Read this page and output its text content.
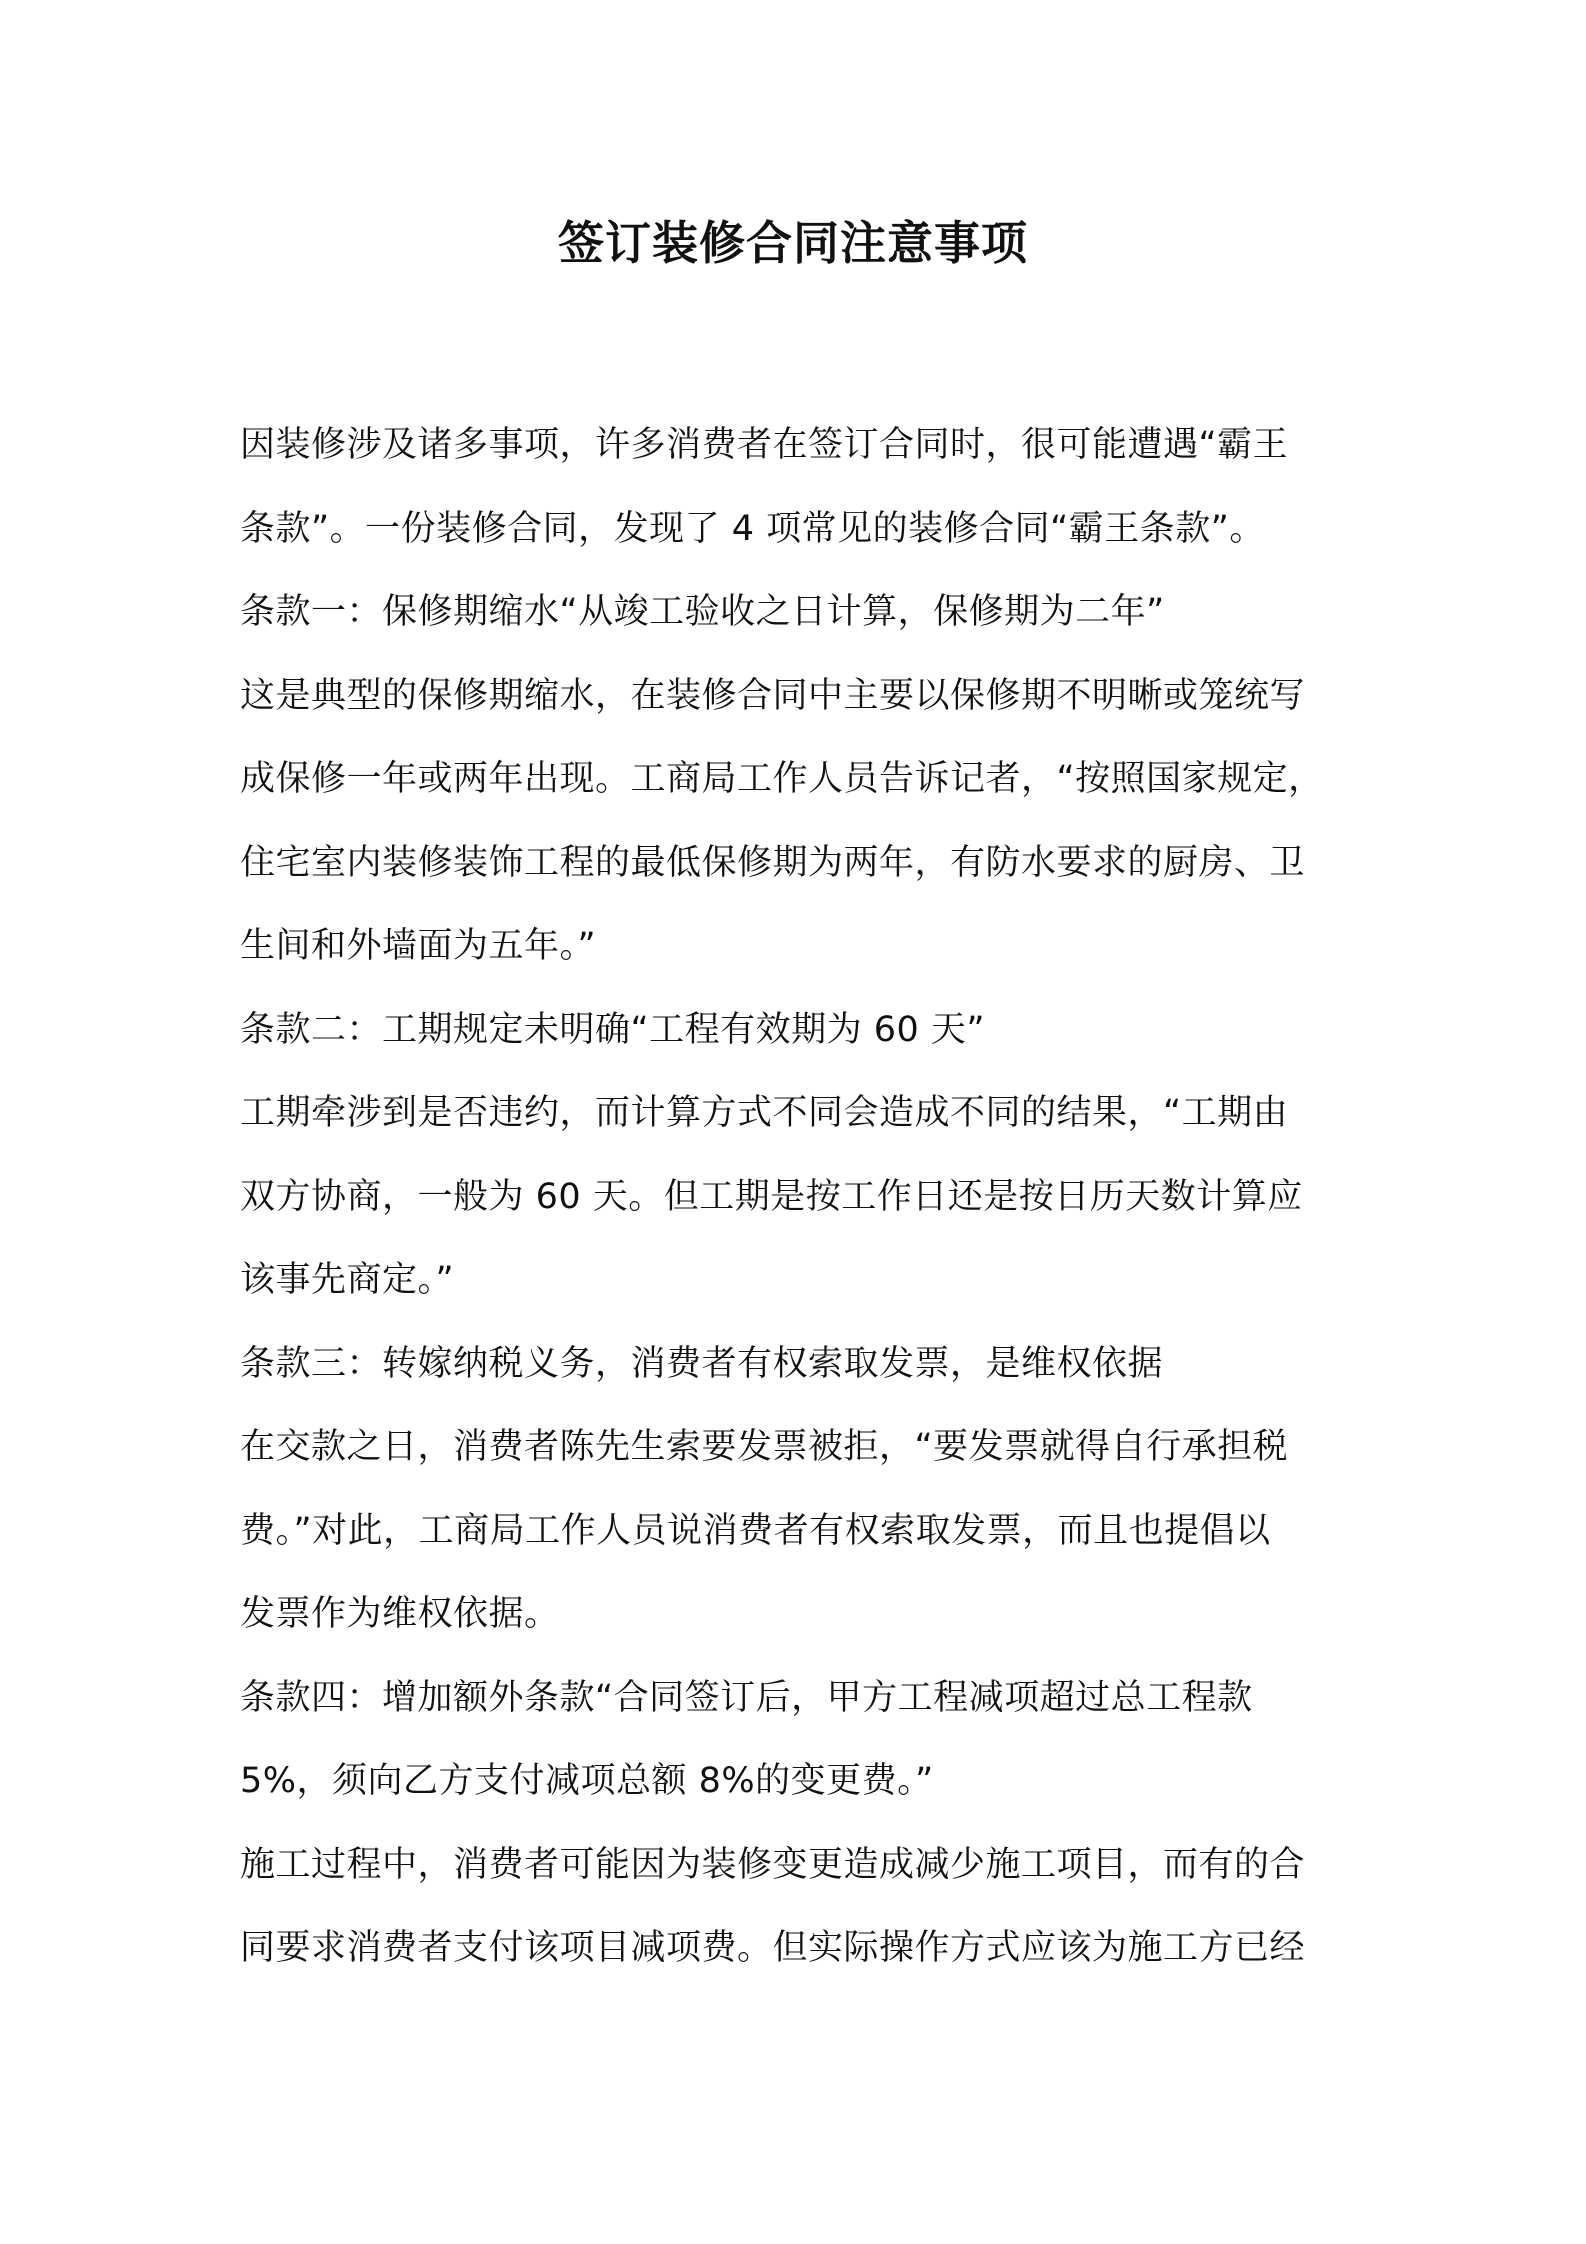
签订装修合同注意事项
因装修涉及诸多事项，许多消费者在签订合同时，很可能遭遇“霸王
条款”。一份装修合同，发现了 4 项常见的装修合同“霸王条款”。
条款一：保修期缩水“从竣工验收之日计算，保修期为二年”
这是典型的保修期缩水，在装修合同中主要以保修期不明晰或笼统写
成保修一年或两年出现。工商局工作人员告诉记者，“按照国家规定，
住宅室内装修装饰工程的最低保修期为两年，有防水要求的厨房、卫
生间和外墙面为五年。”
条款二：工期规定未明确“工程有效期为 60 天”
工期牵涉到是否违约，而计算方式不同会造成不同的结果，“工期由
双方协商，一般为 60 天。但工期是按工作日还是按日历天数计算应
该事先商定。”
条款三：转嫁纳税义务，消费者有权索取发票，是维权依据
在交款之日，消费者陈先生索要发票被拒，“要发票就得自行承担税
费。”对此，工商局工作人员说消费者有权索取发票，而且也提倡以
发票作为维权依据。
条款四：增加额外条款“合同签订后，甲方工程减项超过总工程款
5%，须向乙方支付减项总额 8%的变更费。”
施工过程中，消费者可能因为装修变更造成减少施工项目，而有的合
同要求消费者支付该项目减项费。但实际操作方式应该为施工方已经
